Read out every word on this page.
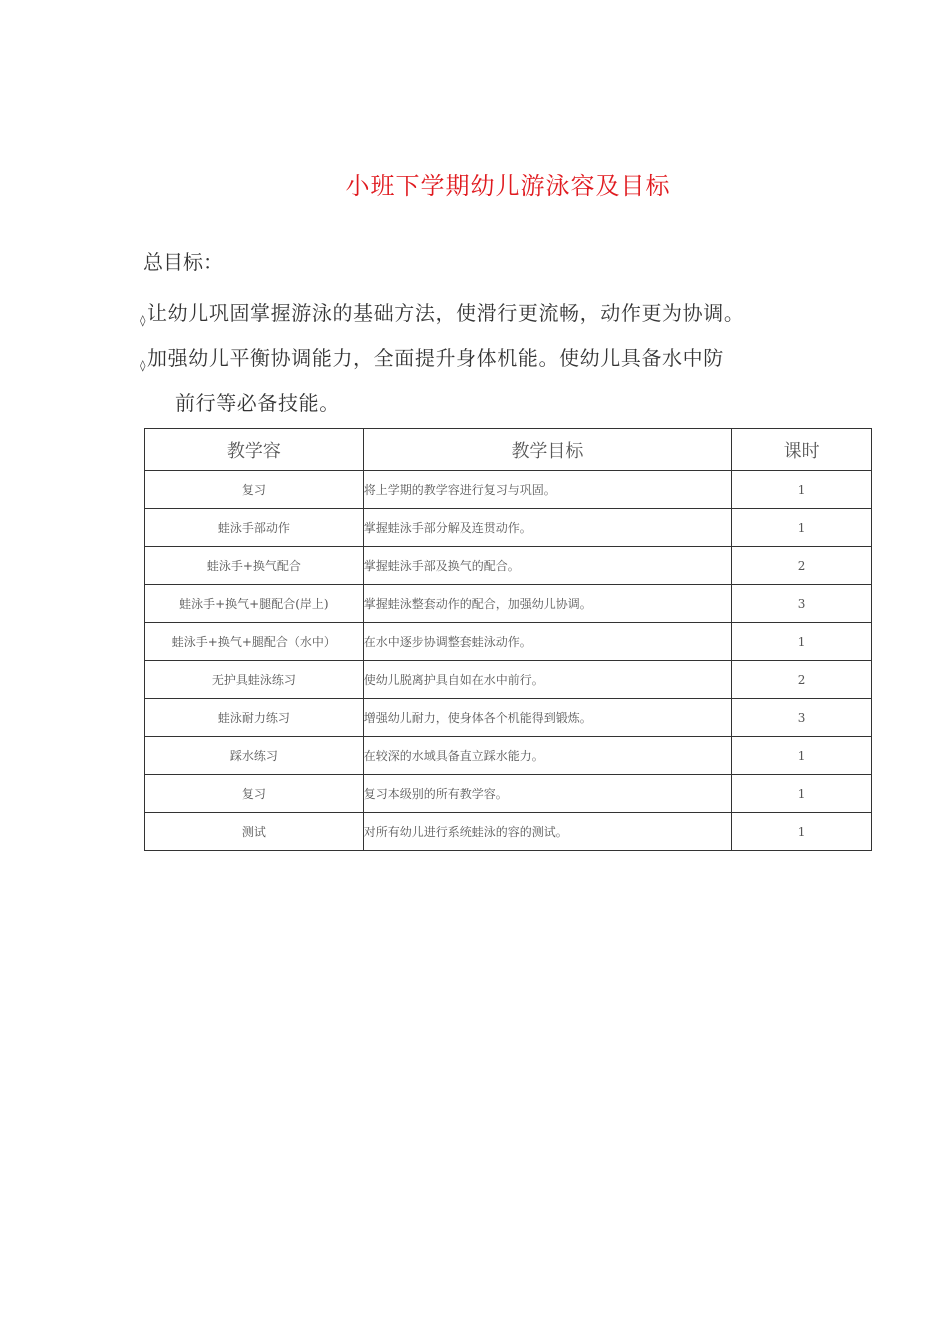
小班下学期幼儿游泳容及目标
总目标：
$_◊$让幼儿巩固掌握游泳的基础方法，使滑行更流畅，动作更为协调。
$_◊$加强幼儿平衡协调能力，全面提升身体机能。使幼儿具备水中防
前行等必备技能。
教学容	教学目标	课时
复习	将上学期的教学容进行复习与巩固。	1
蛙泳手部动作	掌握蛙泳手部分解及连贯动作。	1
蛙泳手+换气配合	掌握蛙泳手部及换气的配合。	2
蛙泳手+换气+腿配合(岸上)	掌握蛙泳整套动作的配合，加强幼儿协调。	3
蛙泳手+换气+腿配合（水中）	在水中逐步协调整套蛙泳动作。	1
无护具蛙泳练习	使幼儿脱离护具自如在水中前行。	2
蛙泳耐力练习	增强幼儿耐力，使身体各个机能得到锻炼。	3
踩水练习	在较深的水域具备直立踩水能力。	1
复习	复习本级别的所有教学容。	1
测试	对所有幼儿进行系统蛙泳的容的测试。	1
